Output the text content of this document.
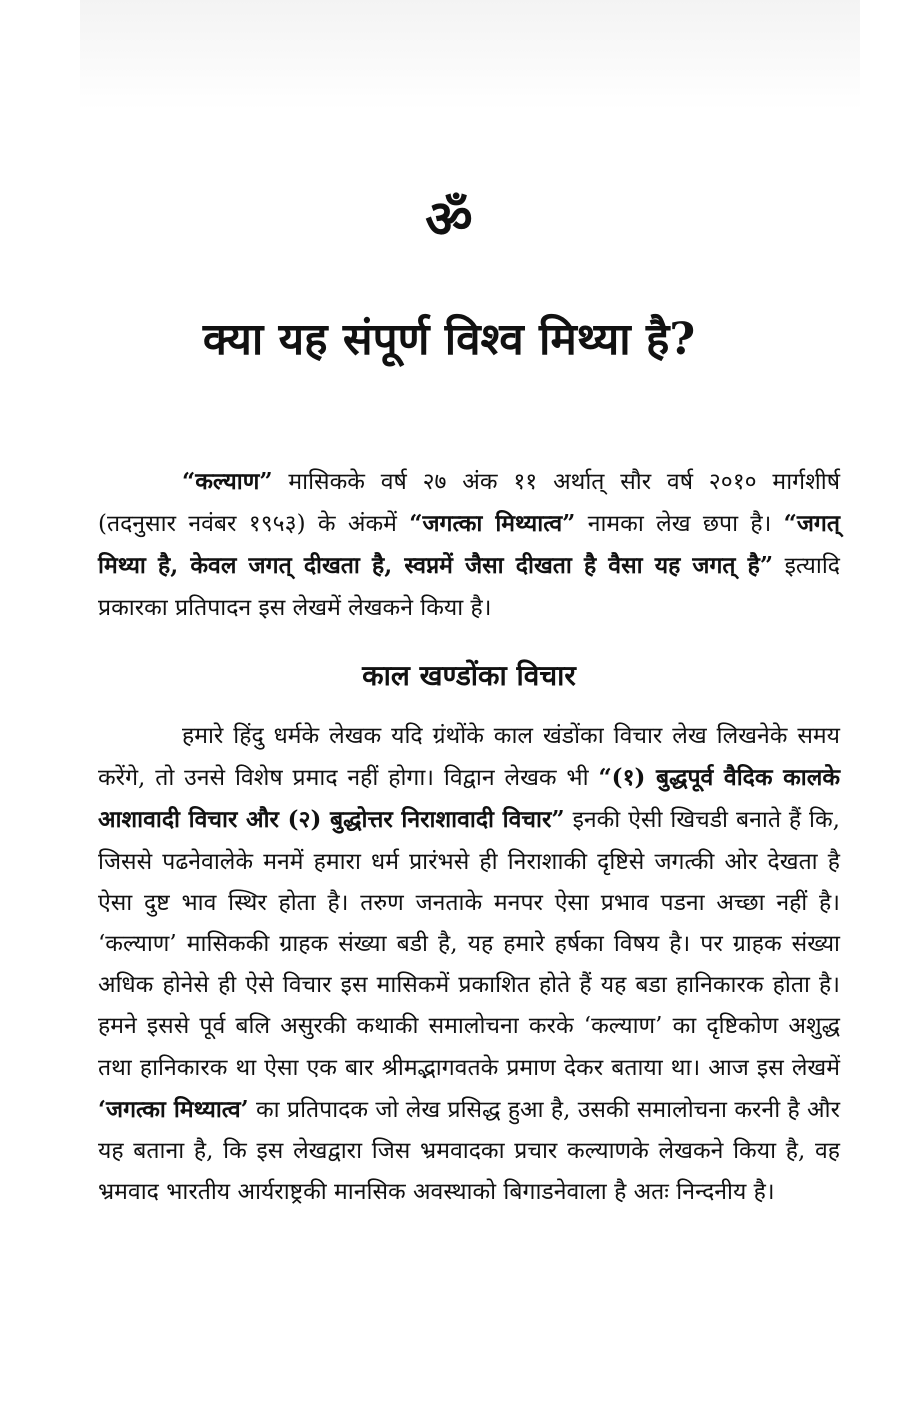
ॐ
क्या यह संपूर्ण विश्व मिथ्या है?

“कल्याण” मासिकके वर्ष २७ अंक ११ अर्थात् सौर वर्ष २०१० मार्गशीर्ष (तदनुसार नवंबर १९५३) के अंकमें “जगत्का मिथ्यात्व” नामका लेख छपा है। “जगत् मिथ्या है, केवल जगत् दीखता है, स्वप्नमें जैसा दीखता है वैसा यह जगत् है” इत्यादि प्रकारका प्रतिपादन इस लेखमें लेखकने किया है।

काल खण्डोंका विचार

हमारे हिंदु धर्मके लेखक यदि ग्रंथोंके काल खंडोंका विचार लेख लिखनेके समय करेंगे, तो उनसे विशेष प्रमाद नहीं होगा। विद्वान लेखक भी “(१) बुद्धपूर्व वैदिक कालके आशावादी विचार और (२) बुद्धोत्तर निराशावादी विचार” इनकी ऐसी खिचडी बनाते हैं कि, जिससे पढनेवालेके मनमें हमारा धर्म प्रारंभसे ही निराशाकी दृष्टिसे जगत्की ओर देखता है ऐसा दुष्ट भाव स्थिर होता है। तरुण जनताके मनपर ऐसा प्रभाव पडना अच्छा नहीं है। ‘कल्याण’ मासिककी ग्राहक संख्या बडी है, यह हमारे हर्षका विषय है। पर ग्राहक संख्या अधिक होनेसे ही ऐसे विचार इस मासिकमें प्रकाशित होते हैं यह बडा हानिकारक होता है। हमने इससे पूर्व बलि असुरकी कथाकी समालोचना करके ‘कल्याण’ का दृष्टिकोण अशुद्ध तथा हानिकारक था ऐसा एक बार श्रीमद्भागवतके प्रमाण देकर बताया था। आज इस लेखमें ‘जगत्का मिथ्यात्व’ का प्रतिपादक जो लेख प्रसिद्ध हुआ है, उसकी समालोचना करनी है और यह बताना है, कि इस लेखद्वारा जिस भ्रमवादका प्रचार कल्याणके लेखकने किया है, वह भ्रमवाद भारतीय आर्यराष्ट्रकी मानसिक अवस्थाको बिगाडनेवाला है अतः निन्दनीय है।
